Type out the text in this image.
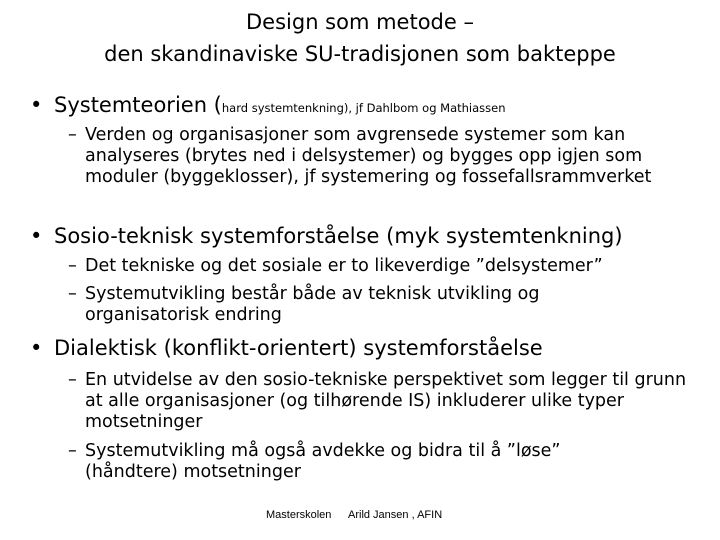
Design som metode –
den skandinaviske SU-tradisjonen som bakteppe
• Systemteorien (hard systemtenkning), jf Dahlbom og Mathiassen
– Verden og organisasjoner som avgrensede systemer som kan analyseres (brytes ned i delsystemer) og bygges opp igjen som moduler (byggeklosser), jf systemering og fossefallsrammverket
• Sosio-teknisk systemforståelse (myk systemtenkning)
– Det tekniske og det sosiale er to likeverdige ”delsystemer”
– Systemutvikling består både av teknisk utvikling og organisatorisk endring
• Dialektisk (konflikt-orientert) systemforståelse
– En utvidelse av den sosio-tekniske perspektivet som legger til grunn at alle organisasjoner (og tilhørende IS) inkluderer ulike typer motsetninger
– Systemutvikling må også avdekke og bidra til å ”løse” (håndtere) motsetninger
Masterskolen Arild Jansen , AFIN
